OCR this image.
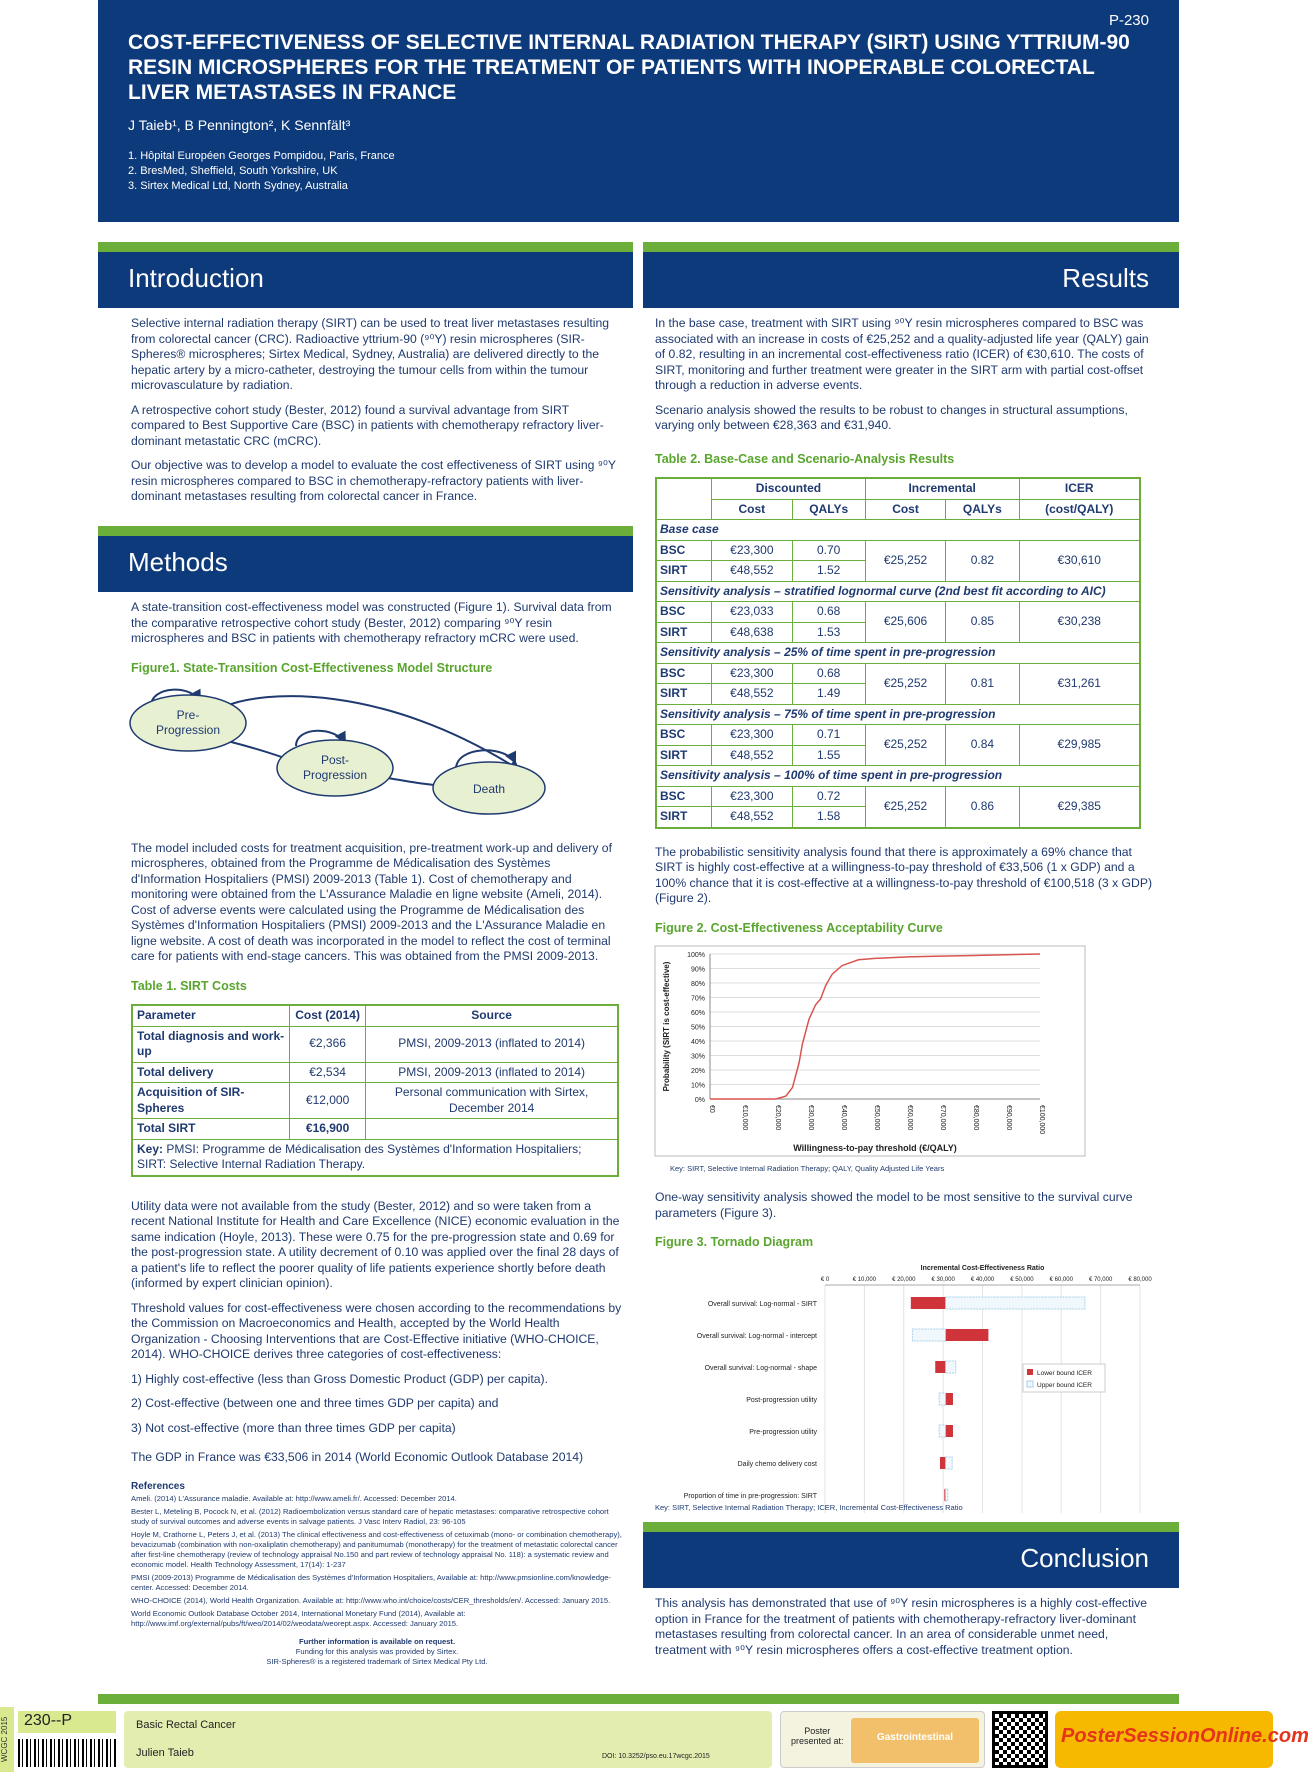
P-230
COST-EFFECTIVENESS OF SELECTIVE INTERNAL RADIATION THERAPY (SIRT) USING YTTRIUM-90 RESIN MICROSPHERES FOR THE TREATMENT OF PATIENTS WITH INOPERABLE COLORECTAL LIVER METASTASES IN FRANCE
J Taieb¹, B Pennington², K Sennfält³
1. Hôpital Européen Georges Pompidou, Paris, France
2. BresMed, Sheffield, South Yorkshire, UK
3. Sirtex Medical Ltd, North Sydney, Australia
Introduction

Selective internal radiation therapy (SIRT) can be used to treat liver metastases resulting from colorectal cancer (CRC). Radioactive yttrium-90 (⁹⁰Y) resin microspheres (SIR-Spheres® microspheres; Sirtex Medical, Sydney, Australia) are delivered directly to the hepatic artery by a micro-catheter, destroying the tumour cells from within the tumour microvasculature by radiation.

A retrospective cohort study (Bester, 2012) found a survival advantage from SIRT compared to Best Supportive Care (BSC) in patients with chemotherapy refractory liver-dominant metastatic CRC (mCRC).

Our objective was to develop a model to evaluate the cost effectiveness of SIRT using ⁹⁰Y resin microspheres compared to BSC in chemotherapy-refractory patients with liver-dominant metastases resulting from colorectal cancer in France.

Methods

A state-transition cost-effectiveness model was constructed (Figure 1). Survival data from the comparative retrospective cohort study (Bester, 2012) comparing ⁹⁰Y resin microspheres and BSC in patients with chemotherapy refractory mCRC were used.

Figure1. State-Transition Cost-Effectiveness Model Structure
Pre-
Progression
Post-
Progression
Death

The model included costs for treatment acquisition, pre-treatment work-up and delivery of microspheres, obtained from the Programme de Médicalisation des Systèmes d'Information Hospitaliers (PMSI) 2009-2013 (Table 1). Cost of chemotherapy and monitoring were obtained from the L'Assurance Maladie en ligne website (Ameli, 2014). Cost of adverse events were calculated using the Programme de Médicalisation des Systèmes d'Information Hospitaliers (PMSI) 2009-2013 and the L'Assurance Maladie en ligne website. A cost of death was incorporated in the model to reflect the cost of terminal care for patients with end-stage cancers. This was obtained from the PMSI 2009-2013.

Table 1. SIRT Costs
Parameter	Cost (2014)	Source
Total diagnosis and work-up	€2,366	PMSI, 2009-2013 (inflated to 2014)
Total delivery	€2,534	PMSI, 2009-2013 (inflated to 2014)
Acquisition of SIR-Spheres	€12,000	Personal communication with Sirtex, December 2014
Total SIRT	€16,900	
Key: PMSI: Programme de Médicalisation des Systèmes d'Information Hospitaliers; SIRT: Selective Internal Radiation Therapy.		

Utility data were not available from the study (Bester, 2012) and so were taken from a recent National Institute for Health and Care Excellence (NICE) economic evaluation in the same indication (Hoyle, 2013). These were 0.75 for the pre-progression state and 0.69 for the post-progression state. A utility decrement of 0.10 was applied over the final 28 days of a patient's life to reflect the poorer quality of life patients experience shortly before death (informed by expert clinician opinion).

Threshold values for cost-effectiveness were chosen according to the recommendations by the Commission on Macroeconomics and Health, accepted by the World Health Organization - Choosing Interventions that are Cost-Effective initiative (WHO-CHOICE, 2014). WHO-CHOICE derives three categories of cost-effectiveness:

1) Highly cost-effective (less than Gross Domestic Product (GDP) per capita).

2) Cost-effective (between one and three times GDP per capita) and

3) Not cost-effective (more than three times GDP per capita)

The GDP in France was €33,506 in 2014 (World Economic Outlook Database 2014)

References

Ameli. (2014) L'Assurance maladie. Available at: http://www.ameli.fr/. Accessed: December 2014.

Bester L, Meteling B, Pocock N, et al. (2012) Radioembolization versus standard care of hepatic metastases: comparative retrospective cohort study of survival outcomes and adverse events in salvage patients. J Vasc Interv Radiol, 23: 96-105

Hoyle M, Crathorne L, Peters J, et al. (2013) The clinical effectiveness and cost-effectiveness of cetuximab (mono- or combination chemotherapy), bevacizumab (combination with non-oxaliplatin chemotherapy) and panitumumab (monotherapy) for the treatment of metastatic colorectal cancer after first-line chemotherapy (review of technology appraisal No.150 and part review of technology appraisal No. 118): a systematic review and economic model. Health Technology Assessment, 17(14): 1-237

PMSI (2009-2013) Programme de Médicalisation des Systèmes d'Information Hospitaliers, Available at: http://www.pmsionline.com/knowledge-center. Accessed: December 2014.

WHO-CHOICE (2014), World Health Organization. Available at: http://www.who.int/choice/costs/CER_thresholds/en/. Accessed: January 2015.

World Economic Outlook Database October 2014, International Monetary Fund (2014), Available at: http://www.imf.org/external/pubs/ft/weo/2014/02/weodata/weorept.aspx. Accessed: January 2015.

Further information is available on request.
Funding for this analysis was provided by Sirtex.
SIR-Spheres® is a registered trademark of Sirtex Medical Pty Ltd.
Results

In the base case, treatment with SIRT using ⁹⁰Y resin microspheres compared to BSC was associated with an increase in costs of €25,252 and a quality-adjusted life year (QALY) gain of 0.82, resulting in an incremental cost-effectiveness ratio (ICER) of €30,610. The costs of SIRT, monitoring and further treatment were greater in the SIRT arm with partial cost-offset through a reduction in adverse events.

Scenario analysis showed the results to be robust to changes in structural assumptions, varying only between €28,363 and €31,940.

Table 2. Base-Case and Scenario-Analysis Results
	Discounted		Incremental		ICER
	Cost	QALYs	Cost	QALYs	(cost/QALY)
Base case					
BSC	€23,300	0.70	€25,252	0.82	€30,610
SIRT	€48,552	1.52			
Sensitivity analysis – stratified lognormal curve (2nd best fit according to AIC)					
BSC	€23,033	0.68	€25,606	0.85	€30,238
SIRT	€48,638	1.53			
Sensitivity analysis – 25% of time spent in pre-progression					
BSC	€23,300	0.68	€25,252	0.81	€31,261
SIRT	€48,552	1.49			
Sensitivity analysis – 75% of time spent in pre-progression					
BSC	€23,300	0.71	€25,252	0.84	€29,985
SIRT	€48,552	1.55			
Sensitivity analysis – 100% of time spent in pre-progression					
BSC	€23,300	0.72	€25,252	0.86	€29,385
SIRT	€48,552	1.58			

The probabilistic sensitivity analysis found that there is approximately a 69% chance that SIRT is highly cost-effective at a willingness-to-pay threshold of €33,506 (1 x GDP) and a 100% chance that it is cost-effective at a willingness-to-pay threshold of €100,518 (3 x GDP) (Figure 2).

Figure 2. Cost-Effectiveness Acceptability Curve
0%
10%
20%
30%
40%
50%
60%
70%
80%
90%
100%
€0	€10,000	€20,000	€30,000	€40,000	€50,000	€60,000	€70,000	€80,000	€90,000	€100,000
Willingness-to-pay threshold (€/QALY)
Probability (SIRT is cost-effective)
Key: SIRT, Selective Internal Radiation Therapy; QALY, Quality Adjusted Life Years

One-way sensitivity analysis showed the model to be most sensitive to the survival curve parameters (Figure 3).

Figure 3. Tornado Diagram
Incremental Cost-Effectiveness Ratio
€ 0	€ 10,000	€ 20,000	€ 30,000	€ 40,000	€ 50,000	€ 60,000	€ 70,000	€ 80,000
Overall survival: Log-normal - SIRT
Overall survival: Log-normal - intercept
Overall survival: Log-normal - shape
Post-progression utility
Pre-progression utility
Daily chemo delivery cost
Proportion of time in pre-progression: SIRT
Lower bound ICER
Upper bound ICER
Key: SIRT, Selective Internal Radiation Therapy; ICER, Incremental Cost-Effectiveness Ratio
Conclusion

This analysis has demonstrated that use of ⁹⁰Y resin microspheres is a highly cost-effective option in France for the treatment of patients with chemotherapy-refractory liver-dominant metastases resulting from colorectal cancer. In an area of considerable unmet need, treatment with ⁹⁰Y resin microspheres offers a cost-effective treatment option.

WCGC 2015 230--P	Basic Rectal Cancer
Julien Taieb	DOI: 10.3252/pso.eu.17wcgc.2015
Poster
presented at:	Gastrointestinal	PosterSessionOnline.com
